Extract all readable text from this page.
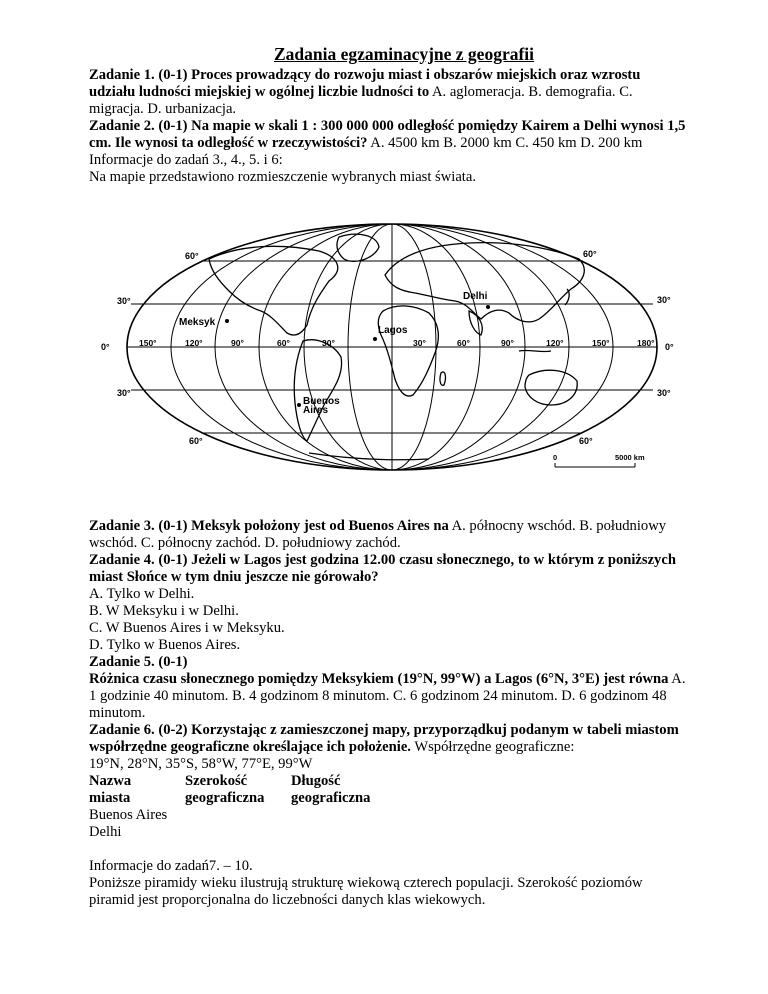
Zadania egzaminacyjne z geografii

Zadanie 1. (0-1) Proces prowadzący do rozwoju miast i obszarów miejskich oraz wzrostu udziału ludności miejskiej w ogólnej liczbie ludności to A. aglomeracja. B. demografia. C. migracja. D. urbanizacja.

Zadanie 2. (0-1) Na mapie w skali 1 : 300 000 000 odległość pomiędzy Kairem a Delhi wynosi 1,5 cm. Ile wynosi ta odległość w rzeczywistości? A. 4500 km B. 2000 km C. 450 km D. 200 km

Informacje do zadań 3., 4., 5. i 6:

Na mapie przedstawiono rozmieszczenie wybranych miast świata.

60°	60°
30°	30°
0°	0°
30°	30°
60°	60°
150°	120°	90°	60°	30°	30°	60°	90°	120°	150°	180°
Delhi
Meksyk
Lagos
Buenos
Aires
0	5000 km

Zadanie 3. (0-1) Meksyk położony jest od Buenos Aires na A. północny wschód. B. południowy wschód. C. północny zachód. D. południowy zachód.

Zadanie 4. (0-1) Jeżeli w Lagos jest godzina 12.00 czasu słonecznego, to w którym z poniższych miast Słońce w tym dniu jeszcze nie górowało?

A. Tylko w Delhi.

B. W Meksyku i w Delhi.

C. W Buenos Aires i w Meksyku.

D. Tylko w Buenos Aires.

Zadanie 5. (0-1)

Różnica czasu słonecznego pomiędzy Meksykiem (19°N, 99°W) a Lagos (6°N, 3°E) jest równa A. 1 godzinie 40 minutom. B. 4 godzinom 8 minutom. C. 6 godzinom 24 minutom. D. 6 godzinom 48 minutom.

Zadanie 6. (0-2) Korzystając z zamieszczonej mapy, przyporządkuj podanym w tabeli miastom współrzędne geograficzne określające ich położenie. Współrzędne geograficzne:

19°N, 28°N, 35°S, 58°W, 77°E, 99°W

Nazwa	Szerokość	Długość
miasta	geograficzna	geograficzna
Buenos Aires		
Delhi		

Informacje do zadań7. – 10.

Poniższe piramidy wieku ilustrują strukturę wiekową czterech populacji. Szerokość poziomów piramid jest proporcjonalna do liczebności danych klas wiekowych.
